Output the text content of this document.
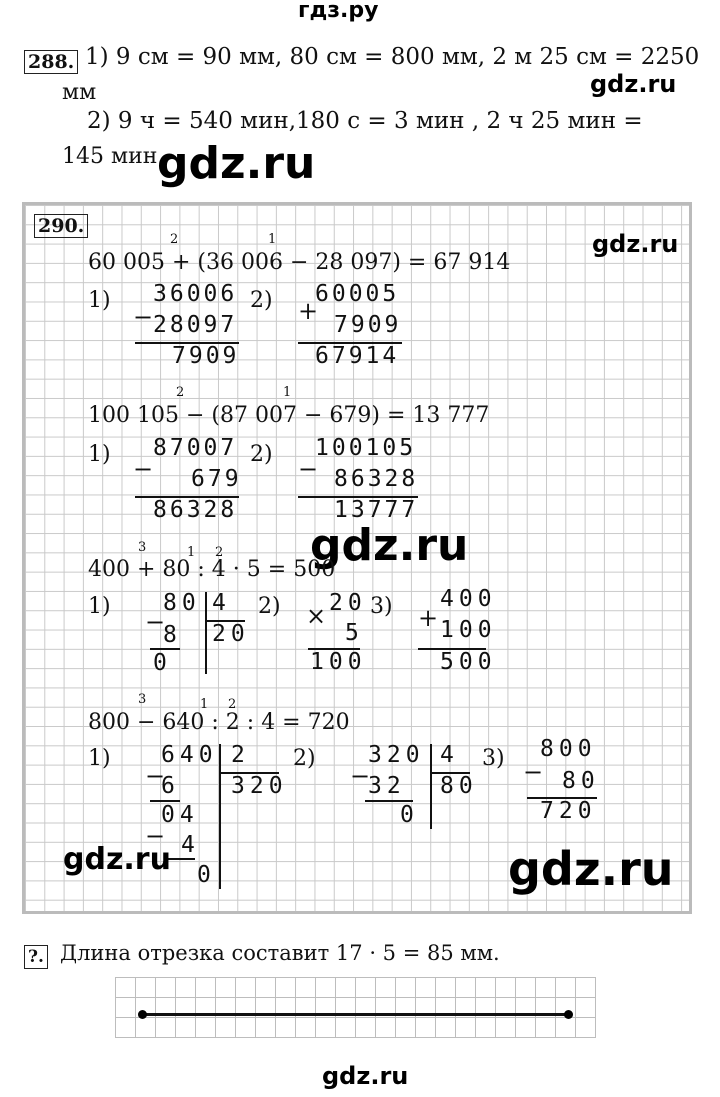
гдз.ру
288. 1) 9 см = 90 мм, 80 см = 800 мм, 2 м 25 см = 2250
мм
2) 9 ч = 540 мин,180 с = 3 мин , 2 ч 25 мин =
145 мин
gdz.ru
gdz.ru
290.
gdz.ru
2	1
60 005 + (36 006 − 28 097) = 67 914
1) 36006
− 28097
7909
2) 60005
+ 7909
67914
2	1
100 105 − (87 007 − 679) = 13 777
1) 87007
− 679
86328
2) 100105
− 86328
13777
gdz.ru
3	1 2
400 + 80 : 4 · 5 = 500
1) 80 4
20
−
8
0
2) 20
×
5
100
3) 400
+ 100
500
3	1 2
800 − 640 : 2 : 4 = 720
1) 640 2
320
−
6
04
− 4
0
2) 320 4
80
−
32
0
3) 800
− 80
720
gdz.ru	gdz.ru
?. Длина отрезка составит 17 · 5 = 85 мм.
gdz.ru
